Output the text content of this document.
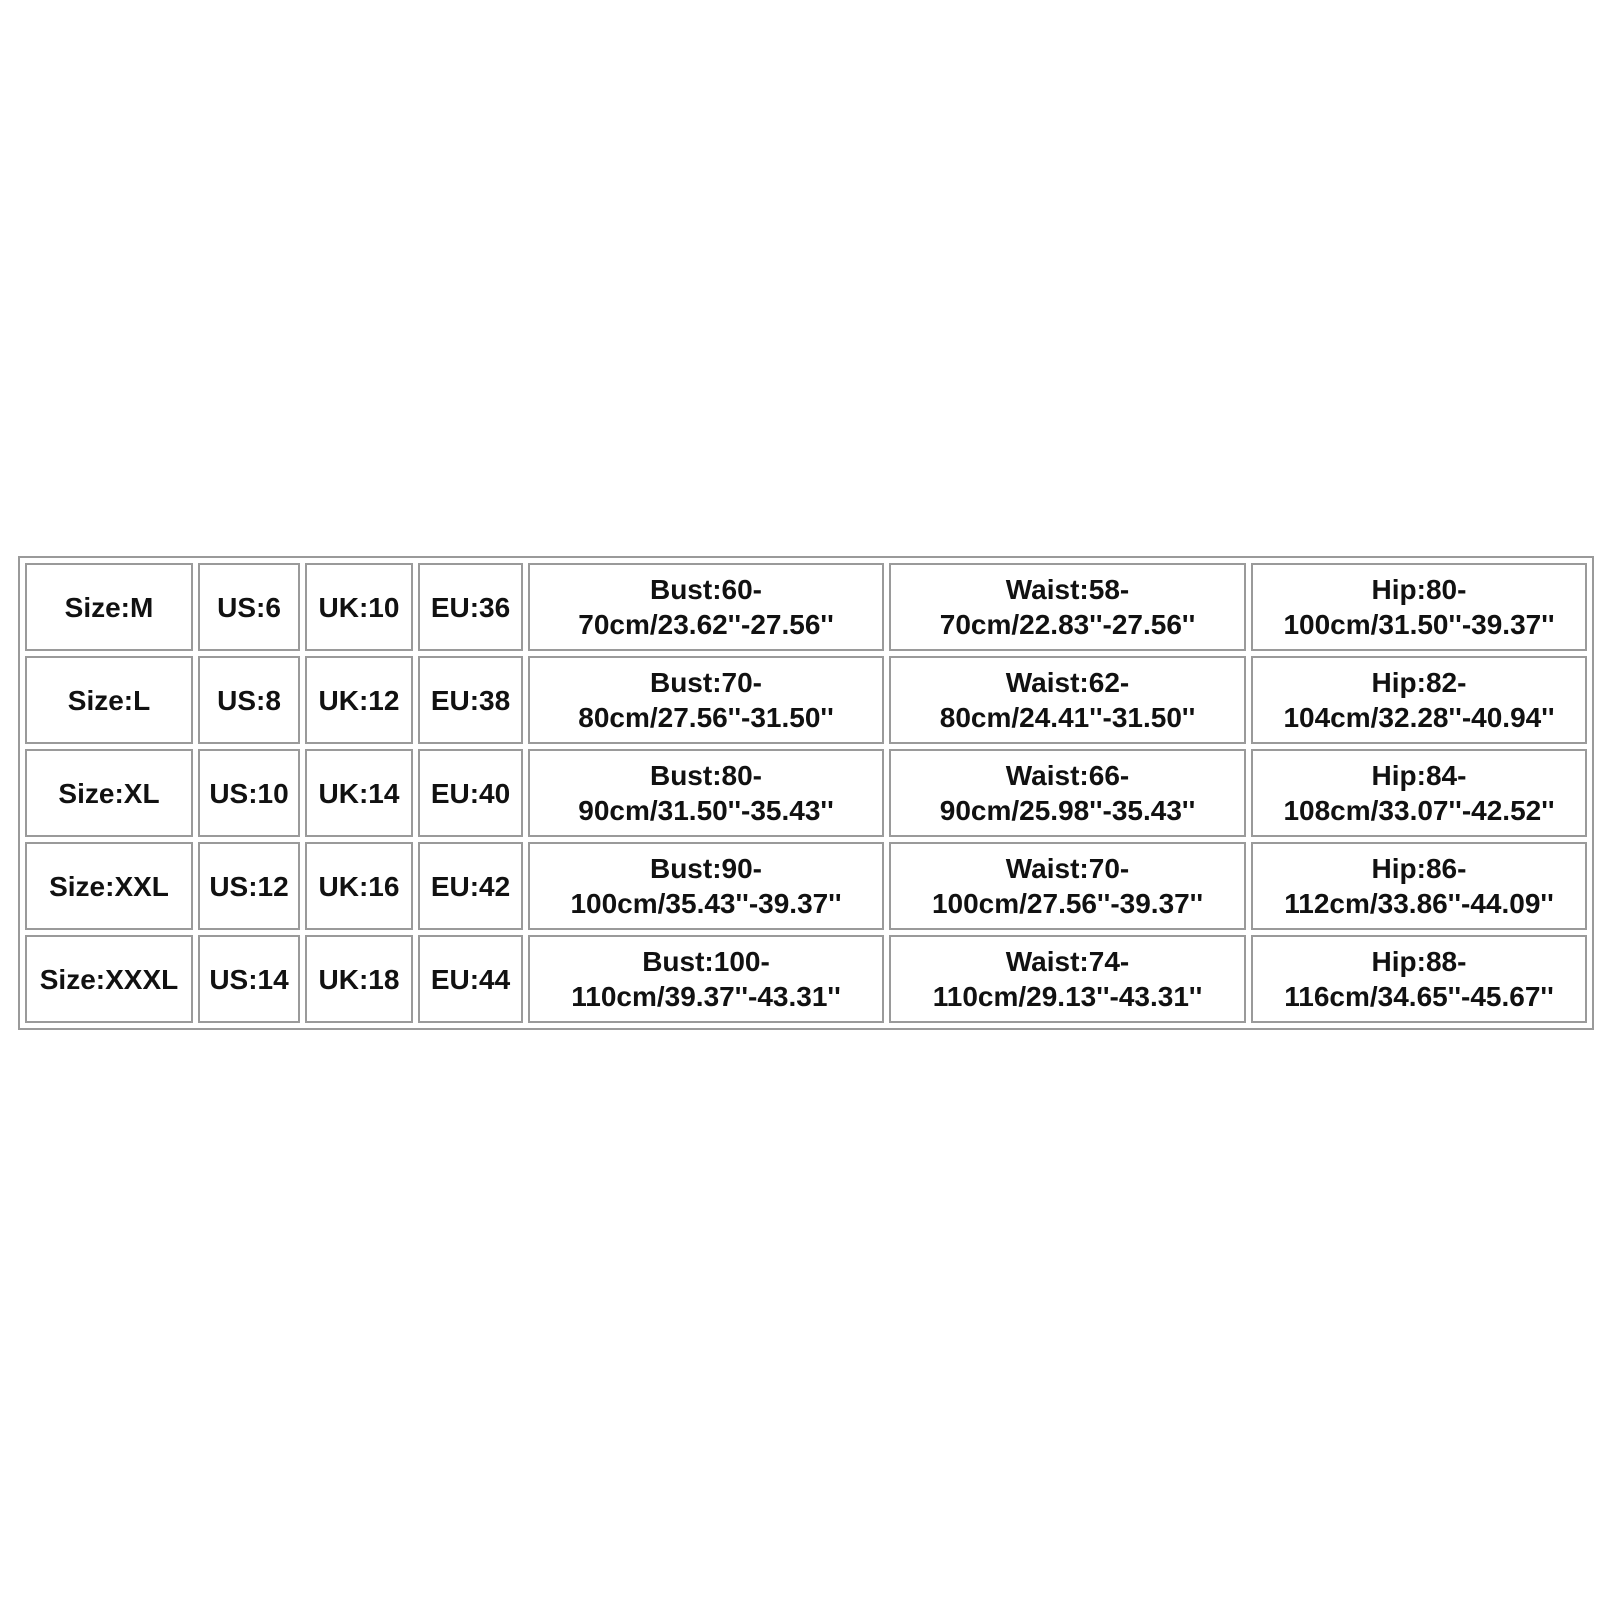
Size:M	US:6	UK:10	EU:36	Bust:60-70cm/23.62''-27.56''	Waist:58-70cm/22.83''-27.56''	Hip:80-100cm/31.50''-39.37''
Size:L	US:8	UK:12	EU:38	Bust:70-80cm/27.56''-31.50''	Waist:62-80cm/24.41''-31.50''	Hip:82-104cm/32.28''-40.94''
Size:XL	US:10	UK:14	EU:40	Bust:80-90cm/31.50''-35.43''	Waist:66-90cm/25.98''-35.43''	Hip:84-108cm/33.07''-42.52''
Size:XXL	US:12	UK:16	EU:42	Bust:90-100cm/35.43''-39.37''	Waist:70-100cm/27.56''-39.37''	Hip:86-112cm/33.86''-44.09''
Size:XXXL	US:14	UK:18	EU:44	Bust:100-110cm/39.37''-43.31''	Waist:74-110cm/29.13''-43.31''	Hip:88-116cm/34.65''-45.67''
